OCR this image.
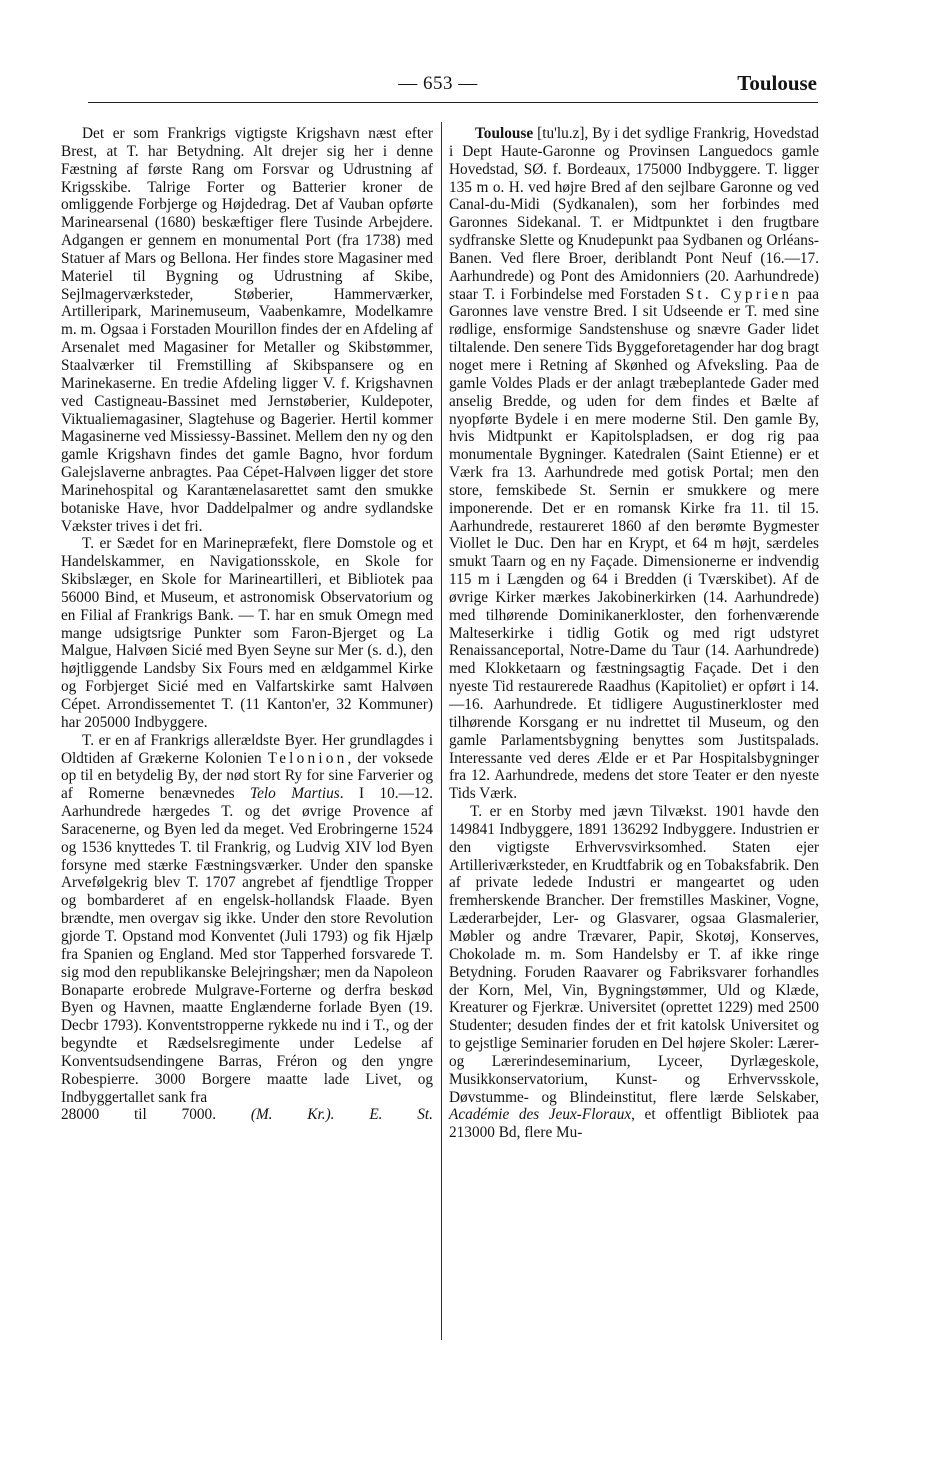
— 653 —	Toulouse

Det er som Frankrigs vigtigste Krigshavn næst efter Brest, at T. har Betydning. Alt drejer sig her i denne Fæstning af første Rang om Forsvar og Udrustning af Krigsskibe. Talrige Forter og Batterier kroner de omliggende Forbjerge og Højdedrag. Det af Vauban opførte Marinearsenal (1680) beskæftiger flere Tusinde Arbejdere. Adgangen er gennem en monumental Port (fra 1738) med Statuer af Mars og Bellona. Her findes store Magasiner med Materiel til Bygning og Udrustning af Skibe, Sejlmagerværksteder, Støberier, Hammerværker, Artilleripark, Marinemuseum, Vaabenkamre, Modelkamre m. m. Ogsaa i Forstaden Mourillon findes der en Afdeling af Arsenalet med Magasiner for Metaller og Skibstømmer, Staalværker til Fremstilling af Skibspansere og en Marinekaserne. En tredie Afdeling ligger V. f. Krigshavnen ved Castigneau-Bassinet med Jernstøberier, Kuldepoter, Viktualiemagasiner, Slagtehuse og Bagerier. Hertil kommer Magasinerne ved Missiessy-Bassinet. Mellem den ny og den gamle Krigshavn findes det gamle Bagno, hvor fordum Galejslaverne anbragtes. Paa Cépet-Halvøen ligger det store Marinehospital og Karantænelasarettet samt den smukke botaniske Have, hvor Daddelpalmer og andre sydlandske Vækster trives i det fri.

T. er Sædet for en Marinepræfekt, flere Domstole og et Handelskammer, en Navigationsskole, en Skole for Skibslæger, en Skole for Marineartilleri, et Bibliotek paa 56000 Bind, et Museum, et astronomisk Observatorium og en Filial af Frankrigs Bank. — T. har en smuk Omegn med mange udsigtsrige Punkter som Faron-Bjerget og La Malgue, Halvøen Sicié med Byen Seyne sur Mer (s. d.), den højtliggende Landsby Six Fours med en ældgammel Kirke og Forbjerget Sicié med en Valfartskirke samt Halvøen Cépet. Arrondissementet T. (11 Kanton'er, 32 Kommuner) har 205000 Indbyggere.

T. er en af Frankrigs allerældste Byer. Her grundlagdes i Oldtiden af Grækerne Kolonien Telonion, der voksede op til en betydelig By, der nød stort Ry for sine Farverier og af Romerne benævnedes Telo Martius. I 10.—12. Aarhundrede hærgedes T. og det øvrige Provence af Saracenerne, og Byen led da meget. Ved Erobringerne 1524 og 1536 knyttedes T. til Frankrig, og Ludvig XIV lod Byen forsyne med stærke Fæstningsværker. Under den spanske Arvefølgekrig blev T. 1707 angrebet af fjendtlige Tropper og bombarderet af en engelsk-hollandsk Flaade. Byen brændte, men overgav sig ikke. Under den store Revolution gjorde T. Opstand mod Konventet (Juli 1793) og fik Hjælp fra Spanien og England. Med stor Tapperhed forsvarede T. sig mod den republikanske Belejringshær; men da Napoleon Bonaparte erobrede Mulgrave-Forterne og derfra beskød Byen og Havnen, maatte Englænderne forlade Byen (19. Decbr 1793). Konventstropperne rykkede nu ind i T., og der begyndte et Rædselsregimente under Ledelse af Konventsudsendingene Barras, Fréron og den yngre Robespierre. 3000 Borgere maatte lade Livet, og Indbyggertallet sank fra

28000 til 7000. (M. Kr.). E. St.

Toulouse [tu'lu.z], By i det sydlige Frankrig, Hovedstad i Dept Haute-Garonne og Provinsen Languedocs gamle Hovedstad, SØ. f. Bordeaux, 175000 Indbyggere. T. ligger 135 m o. H. ved højre Bred af den sejlbare Garonne og ved Canal-du-Midi (Sydkanalen), som her forbindes med Garonnes Sidekanal. T. er Midtpunktet i den frugtbare sydfranske Slette og Knudepunkt paa Sydbanen og Orléans-Banen. Ved flere Broer, deriblandt Pont Neuf (16.—17. Aarhundrede) og Pont des Amidonniers (20. Aarhundrede) staar T. i Forbindelse med Forstaden St. Cyprien paa Garonnes lave venstre Bred. I sit Udseende er T. med sine rødlige, ensformige Sandstenshuse og snævre Gader lidet tiltalende. Den senere Tids Byggeforetagender har dog bragt noget mere i Retning af Skønhed og Afveksling. Paa de gamle Voldes Plads er der anlagt træbeplantede Gader med anselig Bredde, og uden for dem findes et Bælte af nyopførte Bydele i en mere moderne Stil. Den gamle By, hvis Midtpunkt er Kapitolspladsen, er dog rig paa monumentale Bygninger. Katedralen (Saint Etienne) er et Værk fra 13. Aarhundrede med gotisk Portal; men den store, femskibede St. Sernin er smukkere og mere imponerende. Det er en romansk Kirke fra 11. til 15. Aarhundrede, restaureret 1860 af den berømte Bygmester Viollet le Duc. Den har en Krypt, et 64 m højt, særdeles smukt Taarn og en ny Façade. Dimensionerne er indvendig 115 m i Længden og 64 i Bredden (i Tværskibet). Af de øvrige Kirker mærkes Jakobinerkirken (14. Aarhundrede) med tilhørende Dominikanerkloster, den forhenværende Malteserkirke i tidlig Gotik og med rigt udstyret Renaissanceportal, Notre-Dame du Taur (14. Aarhundrede) med Klokketaarn og fæstningsagtig Façade. Det i den nyeste Tid restaurerede Raadhus (Kapitoliet) er opført i 14.—16. Aarhundrede. Et tidligere Augustinerkloster med tilhørende Korsgang er nu indrettet til Museum, og den gamle Parlamentsbygning benyttes som Justitspalads. Interessante ved deres Ælde er et Par Hospitalsbygninger fra 12. Aarhundrede, medens det store Teater er den nyeste Tids Værk.

T. er en Storby med jævn Tilvækst. 1901 havde den 149841 Indbyggere, 1891 136292 Indbyggere. Industrien er den vigtigste Erhvervsvirksomhed. Staten ejer Artilleriværksteder, en Krudtfabrik og en Tobaksfabrik. Den af private ledede Industri er mangeartet og uden fremherskende Brancher. Der fremstilles Maskiner, Vogne, Læderarbejder, Ler- og Glasvarer, ogsaa Glasmalerier, Møbler og andre Trævarer, Papir, Skotøj, Konserves, Chokolade m. m. Som Handelsby er T. af ikke ringe Betydning. Foruden Raavarer og Fabriksvarer forhandles der Korn, Mel, Vin, Bygningstømmer, Uld og Klæde, Kreaturer og Fjerkræ. Universitet (oprettet 1229) med 2500 Studenter; desuden findes der et frit katolsk Universitet og to gejstlige Seminarier foruden en Del højere Skoler: Lærer- og Lærerindeseminarium, Lyceer, Dyrlægeskole, Musikkonservatorium, Kunst- og Erhvervsskole, Døvstumme- og Blindeinstitut, flere lærde Selskaber, Académie des Jeux-Floraux, et offentligt Bibliotek paa 213000 Bd, flere Mu-
